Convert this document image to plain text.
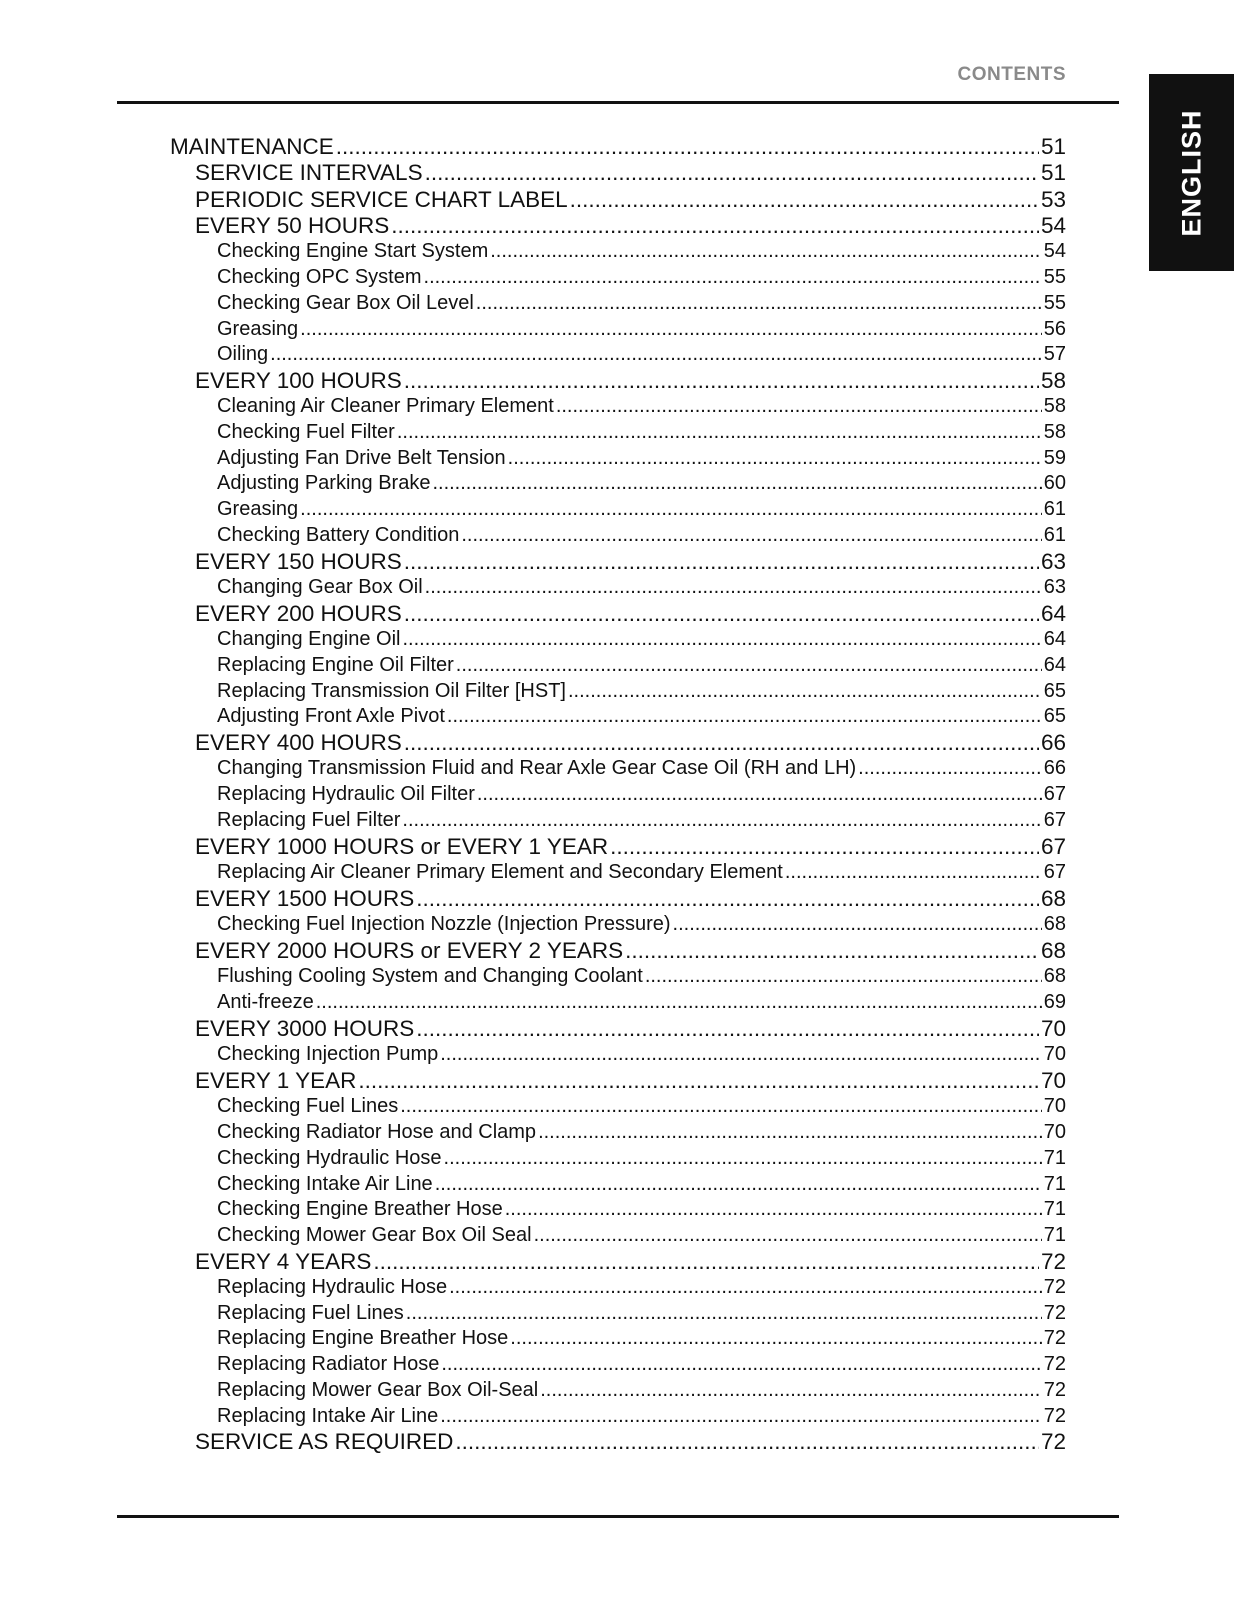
CONTENTS
ENGLISH
MAINTENANCE .....	51
SERVICE INTERVALS .....	51
PERIODIC SERVICE CHART LABEL .....	53
EVERY 50 HOURS .....	54
Checking Engine Start System .....	54
Checking OPC System .....	55
Checking Gear Box Oil Level .....	55
Greasing .....	56
Oiling .....	57
EVERY 100 HOURS .....	58
Cleaning Air Cleaner Primary Element .....	58
Checking Fuel Filter .....	58
Adjusting Fan Drive Belt Tension .....	59
Adjusting Parking Brake .....	60
Greasing .....	61
Checking Battery Condition .....	61
EVERY 150 HOURS .....	63
Changing Gear Box Oil .....	63
EVERY 200 HOURS .....	64
Changing Engine Oil .....	64
Replacing Engine Oil Filter .....	64
Replacing Transmission Oil Filter [HST] .....	65
Adjusting Front Axle Pivot .....	65
EVERY 400 HOURS .....	66
Changing Transmission Fluid and Rear Axle Gear Case Oil (RH and LH) .....	66
Replacing Hydraulic Oil Filter .....	67
Replacing Fuel Filter .....	67
EVERY 1000 HOURS or EVERY 1 YEAR .....	67
Replacing Air Cleaner Primary Element and Secondary Element .....	67
EVERY 1500 HOURS .....	68
Checking Fuel Injection Nozzle (Injection Pressure) .....	68
EVERY 2000 HOURS or EVERY 2 YEARS .....	68
Flushing Cooling System and Changing Coolant .....	68
Anti-freeze .....	69
EVERY 3000 HOURS .....	70
Checking Injection Pump .....	70
EVERY 1 YEAR .....	70
Checking Fuel Lines .....	70
Checking Radiator Hose and Clamp .....	70
Checking Hydraulic Hose .....	71
Checking Intake Air Line .....	71
Checking Engine Breather Hose .....	71
Checking Mower Gear Box Oil Seal .....	71
EVERY 4 YEARS .....	72
Replacing Hydraulic Hose .....	72
Replacing Fuel Lines .....	72
Replacing Engine Breather Hose .....	72
Replacing Radiator Hose .....	72
Replacing Mower Gear Box Oil-Seal .....	72
Replacing Intake Air Line .....	72
SERVICE AS REQUIRED .....	72
